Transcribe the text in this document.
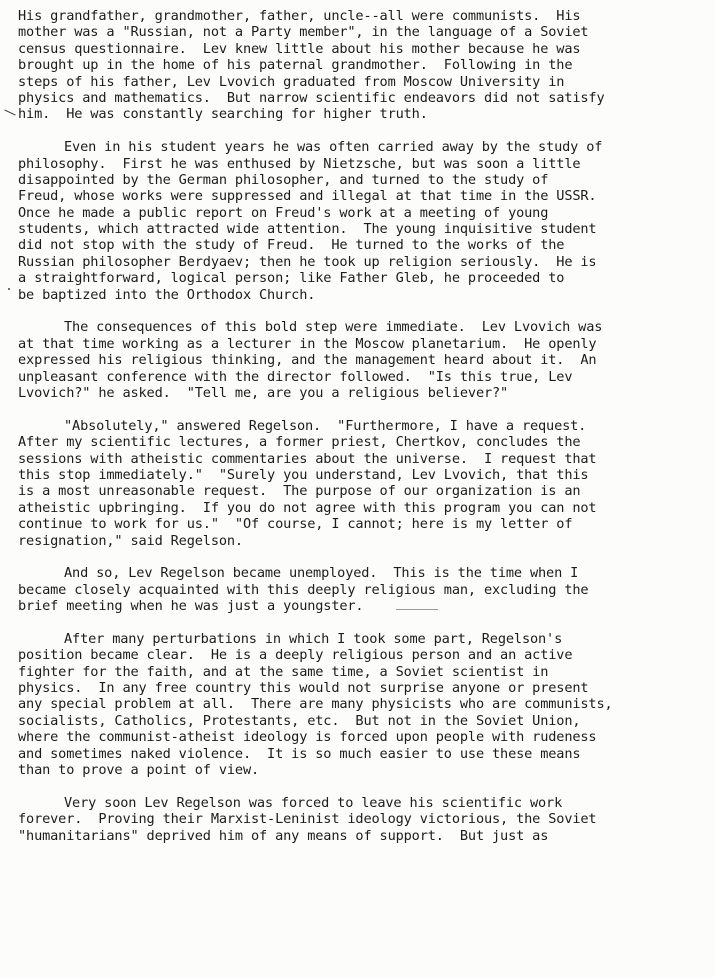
His grandfather, grandmother, father, uncle--all were communists.  His
mother was a "Russian, not a Party member", in the language of a Soviet
census questionnaire.  Lev knew little about his mother because he was
brought up in the home of his paternal grandmother.  Following in the
steps of his father, Lev Lvovich graduated from Moscow University in
physics and mathematics.  But narrow scientific endeavors did not satisfy
him.  He was constantly searching for higher truth.
Even in his student years he was often carried away by the study of
philosophy.  First he was enthused by Nietzsche, but was soon a little
disappointed by the German philosopher, and turned to the study of
Freud, whose works were suppressed and illegal at that time in the USSR.
Once he made a public report on Freud's work at a meeting of young
students, which attracted wide attention.  The young inquisitive student
did not stop with the study of Freud.  He turned to the works of the
Russian philosopher Berdyaev; then he took up religion seriously.  He is
a straightforward, logical person; like Father Gleb, he proceeded to
be baptized into the Orthodox Church.
The consequences of this bold step were immediate.  Lev Lvovich was
at that time working as a lecturer in the Moscow planetarium.  He openly
expressed his religious thinking, and the management heard about it.  An
unpleasant conference with the director followed.  "Is this true, Lev
Lvovich?" he asked.  "Tell me, are you a religious believer?"
"Absolutely," answered Regelson.  "Furthermore, I have a request.
After my scientific lectures, a former priest, Chertkov, concludes the
sessions with atheistic commentaries about the universe.  I request that
this stop immediately."  "Surely you understand, Lev Lvovich, that this
is a most unreasonable request.  The purpose of our organization is an
atheistic upbringing.  If you do not agree with this program you can not
continue to work for us."  "Of course, I cannot; here is my letter of
resignation," said Regelson.
And so, Lev Regelson became unemployed.  This is the time when I
became closely acquainted with this deeply religious man, excluding the
brief meeting when he was just a youngster.
After many perturbations in which I took some part, Regelson's
position became clear.  He is a deeply religious person and an active
fighter for the faith, and at the same time, a Soviet scientist in
physics.  In any free country this would not surprise anyone or present
any special problem at all.  There are many physicists who are communists,
socialists, Catholics, Protestants, etc.  But not in the Soviet Union,
where the communist-atheist ideology is forced upon people with rudeness
and sometimes naked violence.  It is so much easier to use these means
than to prove a point of view.
Very soon Lev Regelson was forced to leave his scientific work
forever.  Proving their Marxist-Leninist ideology victorious, the Soviet
"humanitarians" deprived him of any means of support.  But just as
